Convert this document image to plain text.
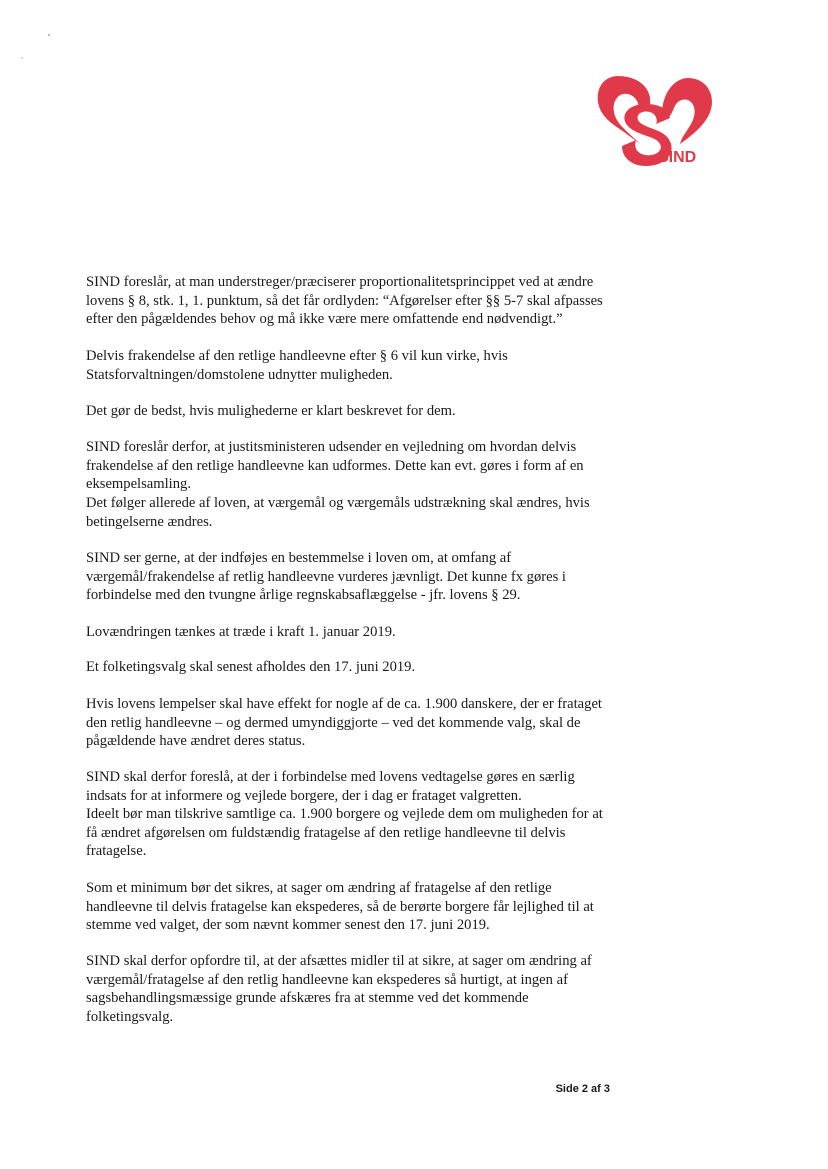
SIND

SIND foreslår, at man understreger/præciserer proportionalitetsprincippet ved at ændre lovens § 8, stk. 1, 1. punktum, så det får ordlyden: “Afgørelser efter §§ 5-7 skal afpasses efter den pågældendes behov og må ikke være mere omfattende end nødvendigt.”

Delvis frakendelse af den retlige handleevne efter § 6 vil kun virke, hvis Statsforvaltningen/domstolene udnytter muligheden.

Det gør de bedst, hvis mulighederne er klart beskrevet for dem.

SIND foreslår derfor, at justitsministeren udsender en vejledning om hvordan delvis frakendelse af den retlige handleevne kan udformes. Dette kan evt. gøres i form af en eksempelsamling.

Det følger allerede af loven, at værgemål og værgemåls udstrækning skal ændres, hvis betingelserne ændres.

SIND ser gerne, at der indføjes en bestemmelse i loven om, at omfang af værgemål/frakendelse af retlig handleevne vurderes jævnligt. Det kunne fx gøres i forbindelse med den tvungne årlige regnskabsaflæggelse - jfr. lovens § 29.

Lovændringen tænkes at træde i kraft 1. januar 2019.

Et folketingsvalg skal senest afholdes den 17. juni 2019.

Hvis lovens lempelser skal have effekt for nogle af de ca. 1.900 danskere, der er frataget den retlig handleevne – og dermed umyndiggjorte – ved det kommende valg, skal de pågældende have ændret deres status.

SIND skal derfor foreslå, at der i forbindelse med lovens vedtagelse gøres en særlig indsats for at informere og vejlede borgere, der i dag er frataget valgretten.

Ideelt bør man tilskrive samtlige ca. 1.900 borgere og vejlede dem om muligheden for at få ændret afgørelsen om fuldstændig fratagelse af den retlige handleevne til delvis fratagelse.

Som et minimum bør det sikres, at sager om ændring af fratagelse af den retlige handleevne til delvis fratagelse kan ekspederes, så de berørte borgere får lejlighed til at stemme ved valget, der som nævnt kommer senest den 17. juni 2019.

SIND skal derfor opfordre til, at der afsættes midler til at sikre, at sager om ændring af værgemål/fratagelse af den retlig handleevne kan ekspederes så hurtigt, at ingen af sagsbehandlingsmæssige grunde afskæres fra at stemme ved det kommende folketingsvalg.

Side 2 af 3
